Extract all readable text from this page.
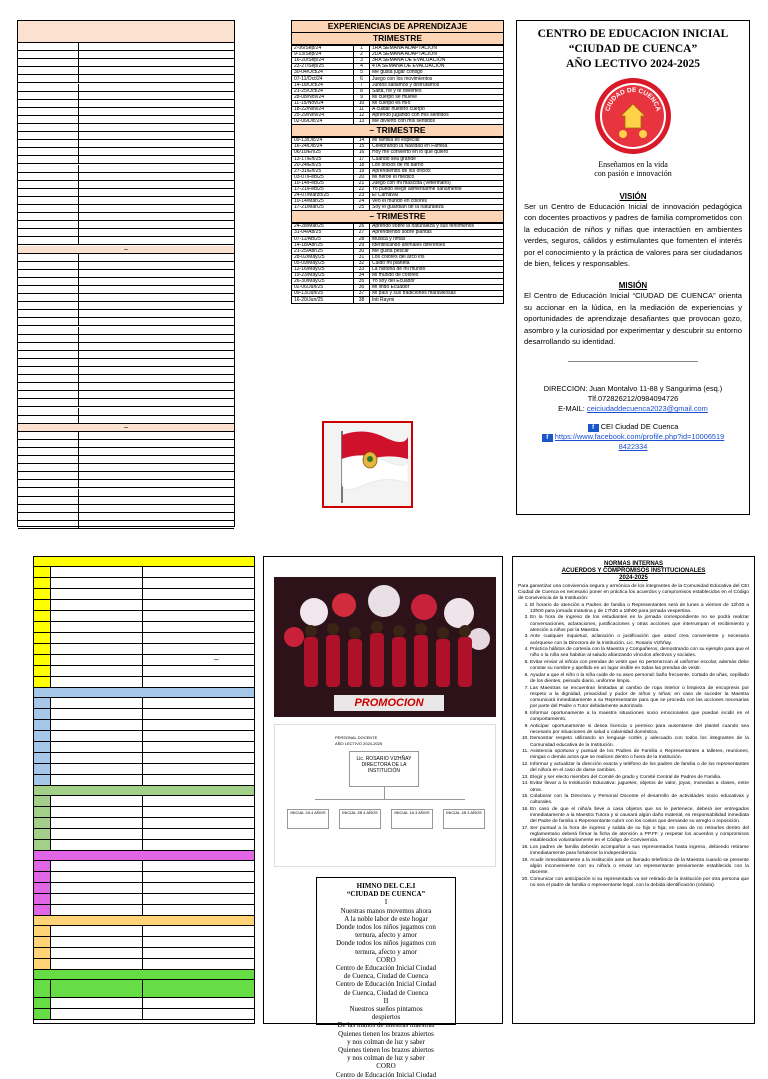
–
–
EXPERIENCIAS DE APRENDIZAJE
TRIMESTRE
2-06/Sep/24	1	1RA SEMANA ADAPTACIÓN
9-13/Sep/24	2	2DA SEMANA ADAPTACIÓN
16-20/Sep/24	3	3RA SEMANA DE EVALUACIÓN
23-27/Sep/25	4	4TA SEMANA DE EVALUACIÓN
30-04/Oct/24	5	Me gusta jugar contigo
07-11/Oct/24	6	Juego con los movimientos
14-18/Oct/24	7	Juntos saltamos y disfrutamos
21-25/Oct/24	8	Salta, ríe y te diviertes
28-08/Nov/24	9	Mi cuerpo se mueve
11-15/Nov/24	10	Mi cuerpo es mío
18-22/Nov/24	11	A cuidar nuestro cuerpo
25-29/Nov/24	12	Aprendo jugando con mis sentidos
02-06/Dic/24	13	Me divierto con mis sentidos
– TRIMESTRE
09-13/Dic/24	14	Mi familia es especial
16-24/Dic/24	15	Celebrando la Navidad en Familia
06/10/En/25	16	Hoy me convierto en lo que quiero
13-17/En/25	17	Cuando sea grande
20-24/En/25	18	Los oficios de mi barrio
27-31/En/25	19	Aprendiendo de los oficios
03-07/Feb/25	20	Mi héroe el médico
10-14/Feb/25	21	Juego con mi mascota (Veterinario)
17-21/Feb/25	22	Yo puedo elegir alimentarme sanamente
24-07/Marzo/25	23	El Carnaval
10-14/Mar/25	24	Veo el mundo en colores
17-21/Mar/25	25	Soy el guardián de la naturaleza
– TRIMESTRE
24-28/Mar/25	26	Aprendo sobre la naturaleza y sus fenómenos
31-04/Ab/25	27	Aprendiendo sobre plantas
07-11/Ab/25	28	Música y rimas
14-18/Abr/25	29	Identificando animales diferentes
21-25/Abr/25	30	Me gusta pescar
28-02/May/25	31	Los colores del arco iris
05-09/May/25	32	Cuido mi planeta
12-16/May/25	33	La historia de mi mundo
19-23/May/25	34	Mi mundo de colores
26-30/May/25	35	Yo soy del Ecuador
02-06/Jun/25	36	Mi lindo Ecuador
09-13/Jun/25	37	Mi país y sus tradiciones maravillosas
16-20/Jun/25	38	Inti Raymi
CENTRO DE EDUCACION INICIAL
“CIUDAD DE CUENCA”
AÑO LECTIVO 2024-2025
CIUDAD DE CUENCA
Enseñamos en la vida
con pasión e innovación
VISIÓN
Ser un Centro de Educación Inicial de innovación pedagógica con docentes proactivos y padres de familia comprometidos con la educación de niños y niñas que interactúen en ambientes verdes, seguros, cálidos y estimulantes que fomenten el interés por el conocimiento y la práctica de valores para ser ciudadanos de bien, felices y responsables.
MISIÓN
El Centro de Educación Inicial “CIUDAD DE CUENCA” orienta su accionar en la lúdica, en la mediación de experiencias y oportunidades de aprendizaje desafiantes que provocan gozo, asombro y la curiosidad por experimentar y descubrir su entorno desarrollando su identidad.
DIRECCION: Juan Montalvo 11-88 y Sangurima (esq.)
Tlf.072826212/0984094726
E-MAIL: ceiciudaddecuenca2023@gmail.com
f CEI Ciudad DE Cuenca
f https://www.facebook.com/profile.php?id=100065198422334
–
PROMOCION
PERSONAL DOCENTE
AÑO LECTIVO 2024-2025
Lic. ROSARIO VIZHÑAY
DIRECTORA DE LA INSTITUCIÓN
INICIAL 2A 4 AÑOS	INICIAL 2B 4 AÑOS	INICIAL 1A 3 AÑOS	INICIAL 1B 3 AÑOS
HIMNO DEL C.E.I
“CIUDAD DE CUENCA”
I
Nuestras manos movemos ahora
A la noble labor de este hogar
Donde todos los niños jugamos con
ternura, afecto y amor
Donde todos los niños jugamos con
ternura, afecto y amor
CORO
Centro de Educación Inicial Ciudad
de Cuenca, Ciudad de Cuenca
Centro de Educación Inicial Ciudad
de Cuenca, Ciudad de Cuenca
II
Nuestros sueños pintamos
despiertos
De las manos de nuestras maestras
Quienes tienen los brazos abiertos
y nos colman de luz y saber
Quienes tienen los brazos abiertos
y nos colman de luz y saber
CORO
Centro de Educación Inicial Ciudad
NORMAS INTERNAS
ACUERDOS Y COMPROMISOS INSTITUCIONALES
2024-2025
Para garantizar una convivencia segura y armónica de los integrantes de la Comunidad Educativa del CEI Ciudad de Cuenca es necesario poner en práctica los acuerdos y compromisos establecidos en el Código de Convivencia de la Institución:
1. El horario de atención a Padres de familia o Representantes será de lunes a viernes de 12h30 a 13h00 para jornada matutina y de 17h30 a 18h00 para jornada vespertina.
2. En la hora de ingreso de los estudiantes en la jornada correspondiente no se podrá realizar conversaciones, aclaraciones, justificaciones y otras acciones que interrumpan el recibimiento y atención a niños por la Maestra.
3. Ante cualquier inquietud, aclaración o justificación que usted crea conveniente y necesaria acérquese con la Directora de la Institución, Lic. Rosario Vizhñay.
4. Práctica hábitos de cortesía con la Maestra y Compañeros, demostrando con su ejemplo para que el niño o la niña sea habitúe al saludo afianzando vínculos afectivos y sociales.
5. Evitar enviar al niño/a con prendas de vestir que no pertenezcan al uniforme escolar, además debe constar su nombre y apellido en un lugar visible en todas las prendas de vestir.
6. Ayudar a que el niño o la niña cuide de su aseo personal: baño frecuente, cortado de uñas, cepillado de los dientes, peinado diario, uniforme limpio.
7. Las Maestras se encuentran limitadas al cambio de ropa interior o limpieza de encopresis por respeto a la dignidad, privacidad y pudor de niños y niñas; en caso de suceder la Maestra comunicará inmediatamente a su Representante para que se proceda con las acciones necesarias por parte del Padre o Tutor debidamente autorizado.
8. Informar oportunamente a la maestra situaciones socio emocionales que puedan incidir en el comportamiento.
9. Anticipar oportunamente si desea licencia o permiso para ausentarse del plantel cuando sea necesario por situaciones de salud o calamidad doméstica.
10. Demostrar respeto utilizando un lenguaje cortés y adecuado con todos los integrantes de la Comunidad educativa de la Institución.
11. Asistencia oportuna y puntual de los Padres de Familia o Representantes a talleres, reuniones, mingas o demás actos que se realicen dentro o fuera de la Institución.
12. Informar y actualizar la dirección exacta y teléfono de los padres de familia o de los representantes del niño/a en el caso de darse cambios.
13. Elegir y ser electo miembro del Comité de grado y Comité Central de Padres de Familia.
14. Evitar llevar a la Institución Educativa: juguetes, objetos de valor, joyas, monedas a clases, entre otros.
15. Colaborar con la Directora y Personal Docente el desarrollo de actividades socio educativas y culturales.
16. En caso de que el niño/a lleve a casa objetos que no le pertenece, deberá ser entregados inmediatamente a la Maestra Tutora y si causará algún daño material, es responsabilidad inmediata del Padre de familia o Representante cubrir con los costos que demande su arreglo o reposición.
17. Ser puntual a la hora de ingreso y salida de su hijo o hija; en caso de no retirarlos dentro del reglamentario deberá firmar la ficha de atención a PP.FF. y respetar los acuerdos y compromisos establecidos voluntariamente en el Código de Convivencia.
18. Los padres de familia deberán acompañar a sus representados hasta ingreso, debiendo retirarse inmediatamente para fortalecer la independencia.
19. Acudir inmediatamente a la institución ante un llamado telefónico de la Maestra cuando se presente algún inconveniente con su niño/a o enviar un representante previamente establecido con la docente.
20. Comunicar con anticipación si su representado va ser retirado de la institución por otra persona que no sea el padre de familia o representante legal, con la debida identificación (cédula).
